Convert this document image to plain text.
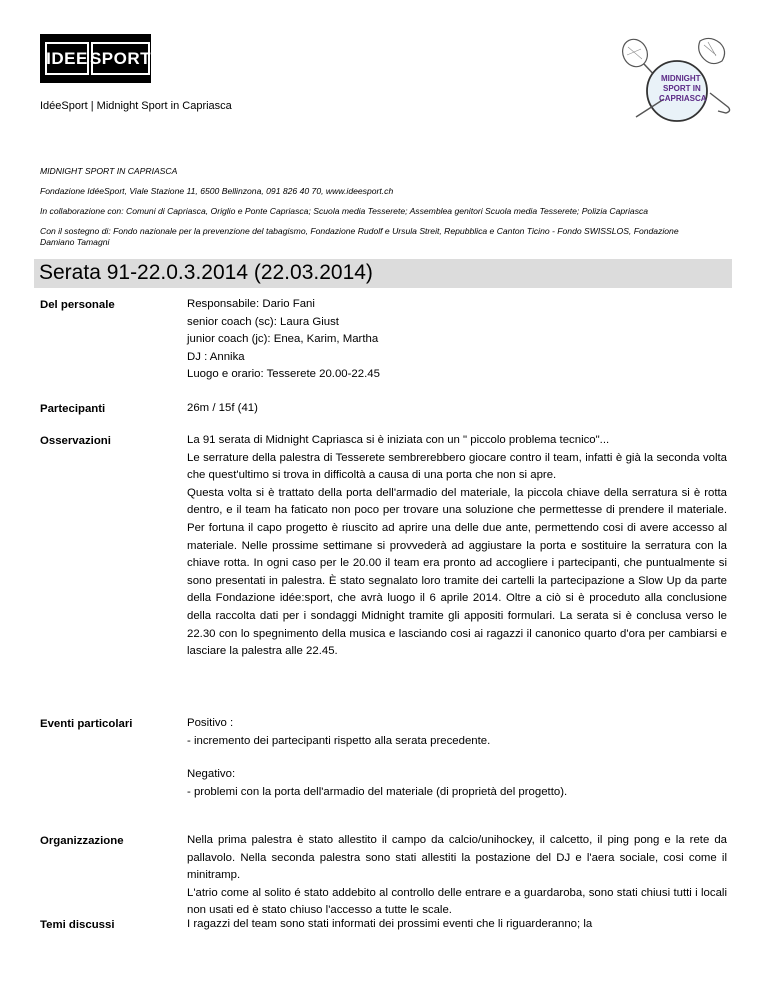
IDEE SPORT
MIDNIGHT
SPORT IN
CAPRIASCA
IdéeSport | Midnight Sport in Capriasca
MIDNIGHT SPORT IN CAPRIASCA
Fondazione IdéeSport, Viale Stazione 11, 6500 Bellinzona, 091 826 40 70, www.ideesport.ch
In collaborazione con: Comuni di Capriasca, Origlio e Ponte Capriasca; Scuola media Tesserete; Assemblea genitori Scuola media Tesserete; Polizia Capriasca
Con il sostegno di: Fondo nazionale per la prevenzione del tabagismo, Fondazione Rudolf e Ursula Streit, Repubblica e Canton Ticino - Fondo SWISSLOS, Fondazione
Damiano Tamagni
Serata 91-22.0.3.2014 (22.03.2014)
Del personale	Responsabile: Dario Fani
senior coach (sc): Laura Giust
junior coach (jc): Enea, Karim, Martha
DJ : Annika
Luogo e orario: Tesserete 20.00-22.45
Partecipanti	26m / 15f (41)
Osservazioni	La 91 serata di Midnight Capriasca si è iniziata con un " piccolo problema tecnico"...
Le serrature della palestra di Tesserete sembrerebbero giocare contro il team, infatti è già la seconda volta che quest'ultimo si trova in difficoltà a causa di una porta che non si apre.
Questa volta si è trattato della porta dell'armadio del materiale, la piccola chiave della serratura si è rotta dentro, e il team ha faticato non poco per trovare una soluzione che permettesse di prendere il materiale. Per fortuna il capo progetto è riuscito ad aprire una delle due ante, permettendo cosi di avere accesso al materiale. Nelle prossime settimane si provvederà ad aggiustare la porta e sostituire la serratura con la chiave rotta. In ogni caso per le 20.00 il team era pronto ad accogliere i partecipanti, che puntualmente si sono presentati in palestra. È stato segnalato loro tramite dei cartelli la partecipazione a Slow Up da parte della Fondazione idée:sport, che avrà luogo il 6 aprile 2014. Oltre a ciò si è proceduto alla conclusione della raccolta dati per i sondaggi Midnight tramite gli appositi formulari. La serata si è conclusa verso le 22.30 con lo spegnimento della musica e lasciando cosi ai ragazzi il canonico quarto d'ora per cambiarsi e lasciare la palestra alle 22.45.
Eventi particolari	Positivo :
- incremento dei partecipanti rispetto alla serata precedente.
Negativo:
- problemi con la porta dell'armadio del materiale (di proprietà del progetto).
Organizzazione	Nella prima palestra è stato allestito il campo da calcio/unihockey, il calcetto, il ping pong e la rete da pallavolo. Nella seconda palestra sono stati allestiti la postazione del DJ e l'aera sociale, cosi come il minitramp.
L'atrio come al solito é stato addebito al controllo delle entrare e a guardaroba, sono stati chiusi tutti i locali non usati ed è stato chiuso l'accesso a tutte le scale.
Temi discussi	I ragazzi del team sono stati informati dei prossimi eventi che li riguarderanno; la
